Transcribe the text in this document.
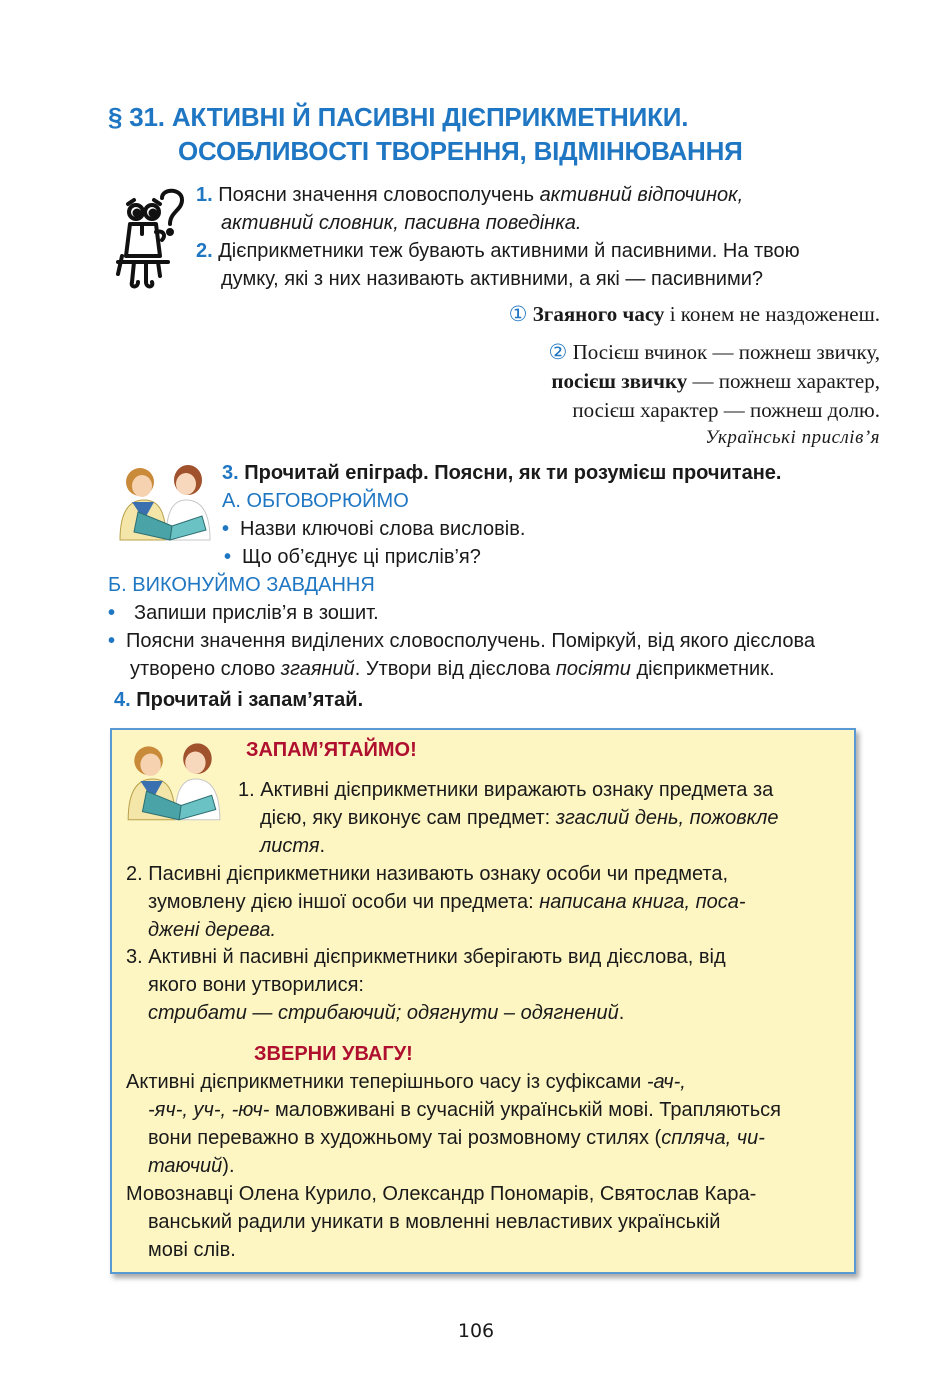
§ 31. АКТИВНІ Й ПАСИВНІ ДІЄПРИКМЕТНИКИ.
ОСОБЛИВОСТІ ТВОРЕННЯ, ВІДМІНЮВАННЯ
1. Поясни значення словосполучень активний відпочинок,
активний словник, пасивна поведінка.
2. Дієприкметники теж бувають активними й пасивними. На твою
думку, які з них називають активними, а які — пасивними?
① Згаяного часу і конем не наздоженеш.
② Посієш вчинок — пожнеш звичку,
посієш звичку — пожнеш характер,
посієш характер — пожнеш долю.
Українські прислів’я
3. Прочитай епіграф. Поясни, як ти розумієш прочитане.
А. ОБГОВОРЮЙМО
• Назви ключові слова висловів.
• Що об’єднує ці прислів’я?
Б. ВИКОНУЙМО ЗАВДАННЯ
• Запиши прислів’я в зошит.
• Поясни значення виділених словосполучень. Поміркуй, від якого дієслова
утворено слово згаяний. Утвори від дієслова посіяти дієприкметник.
4. Прочитай і запам’ятай.
ЗАПАМ’ЯТАЙМО!
1. Активні дієприкметники виражають ознаку предмета за
дією, яку виконує сам предмет: згаслий день, пожовкле
листя.
2. Пасивні дієприкметники називають ознаку особи чи предмета,
зумовлену дією іншої особи чи предмета: написана книга, поса-
джені дерева.
3. Активні й пасивні дієприкметники зберігають вид дієслова, від
якого вони утворилися:
стрибати — стрибаючий; одягнути – одягнений.
ЗВЕРНИ УВАГУ!
Активні дієприкметники теперішнього часу із суфіксами -ач-,
-яч-, уч-, -юч- маловживані в сучасній українській мові. Трапляються
вони переважно в художньому таі розмовному стилях (спляча, чи-
таючий).
Мовознавці Олена Курило, Олександр Пономарів, Святослав Кара-
ванський радили уникати в мовленні невластивих українській
мові слів.
106
